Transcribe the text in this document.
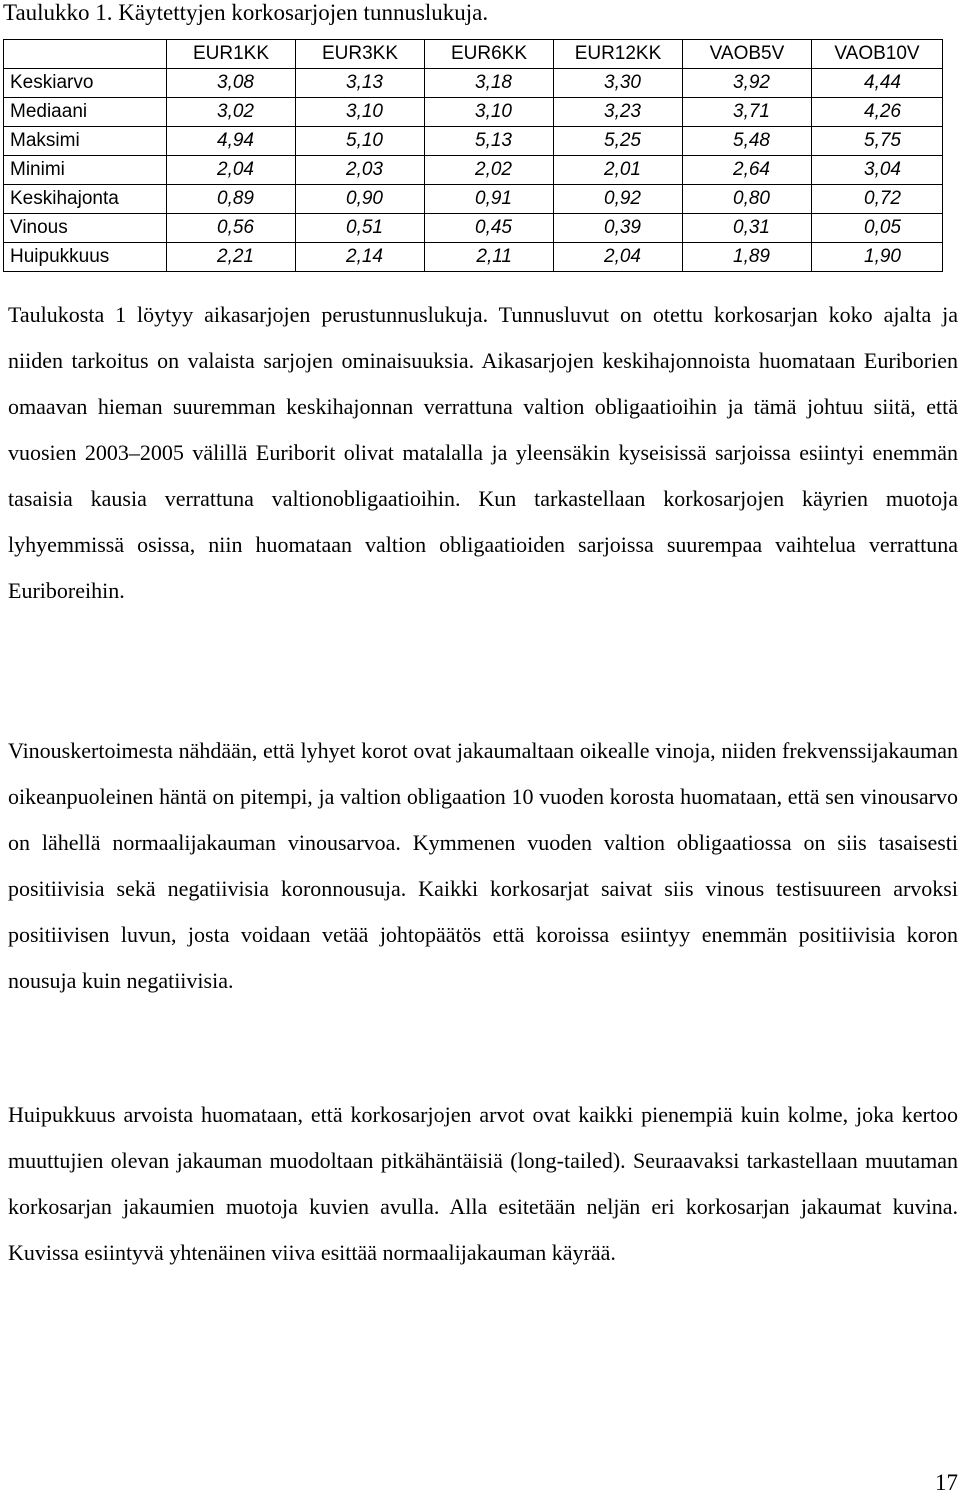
Taulukko 1. Käytettyjen korkosarjojen tunnuslukuja.
	EUR1KK	EUR3KK	EUR6KK	EUR12KK	VAOB5V	VAOB10V
Keskiarvo	3,08	3,13	3,18	3,30	3,92	4,44
Mediaani	3,02	3,10	3,10	3,23	3,71	4,26
Maksimi	4,94	5,10	5,13	5,25	5,48	5,75
Minimi	2,04	2,03	2,02	2,01	2,64	3,04
Keskihajonta	0,89	0,90	0,91	0,92	0,80	0,72
Vinous	0,56	0,51	0,45	0,39	0,31	0,05
Huipukkuus	2,21	2,14	2,11	2,04	1,89	1,90

Taulukosta 1 löytyy aikasarjojen perustunnuslukuja. Tunnusluvut on otettu korkosarjan koko ajalta ja niiden tarkoitus on valaista sarjojen ominaisuuksia. Aikasarjojen keskihajonnoista huomataan Euriborien omaavan hieman suuremman keskihajonnan verrattuna valtion obligaatioihin ja tämä johtuu siitä, että vuosien 2003–2005 välillä Euriborit olivat matalalla ja yleensäkin kyseisissä sarjoissa esiintyi enemmän tasaisia kausia verrattuna valtionobligaatioihin. Kun tarkastellaan korkosarjojen käyrien muotoja lyhyemmissä osissa, niin huomataan valtion obligaatioiden sarjoissa suurempaa vaihtelua verrattuna Euriboreihin.

Vinouskertoimesta nähdään, että lyhyet korot ovat jakaumaltaan oikealle vinoja, niiden frekvenssijakauman oikeanpuoleinen häntä on pitempi, ja valtion obligaation 10 vuoden korosta huomataan, että sen vinousarvo on lähellä normaalijakauman vinousarvoa. Kymmenen vuoden valtion obligaatiossa on siis tasaisesti positiivisia sekä negatiivisia koronnousuja. Kaikki korkosarjat saivat siis vinous testisuureen arvoksi positiivisen luvun, josta voidaan vetää johtopäätös että koroissa esiintyy enemmän positiivisia koron nousuja kuin negatiivisia.

Huipukkuus arvoista huomataan, että korkosarjojen arvot ovat kaikki pienempiä kuin kolme, joka kertoo muuttujien olevan jakauman muodoltaan pitkähäntäisiä (long-tailed). Seuraavaksi tarkastellaan muutaman korkosarjan jakaumien muotoja kuvien avulla. Alla esitetään neljän eri korkosarjan jakaumat kuvina. Kuvissa esiintyvä yhtenäinen viiva esittää normaalijakauman käyrää.

17
